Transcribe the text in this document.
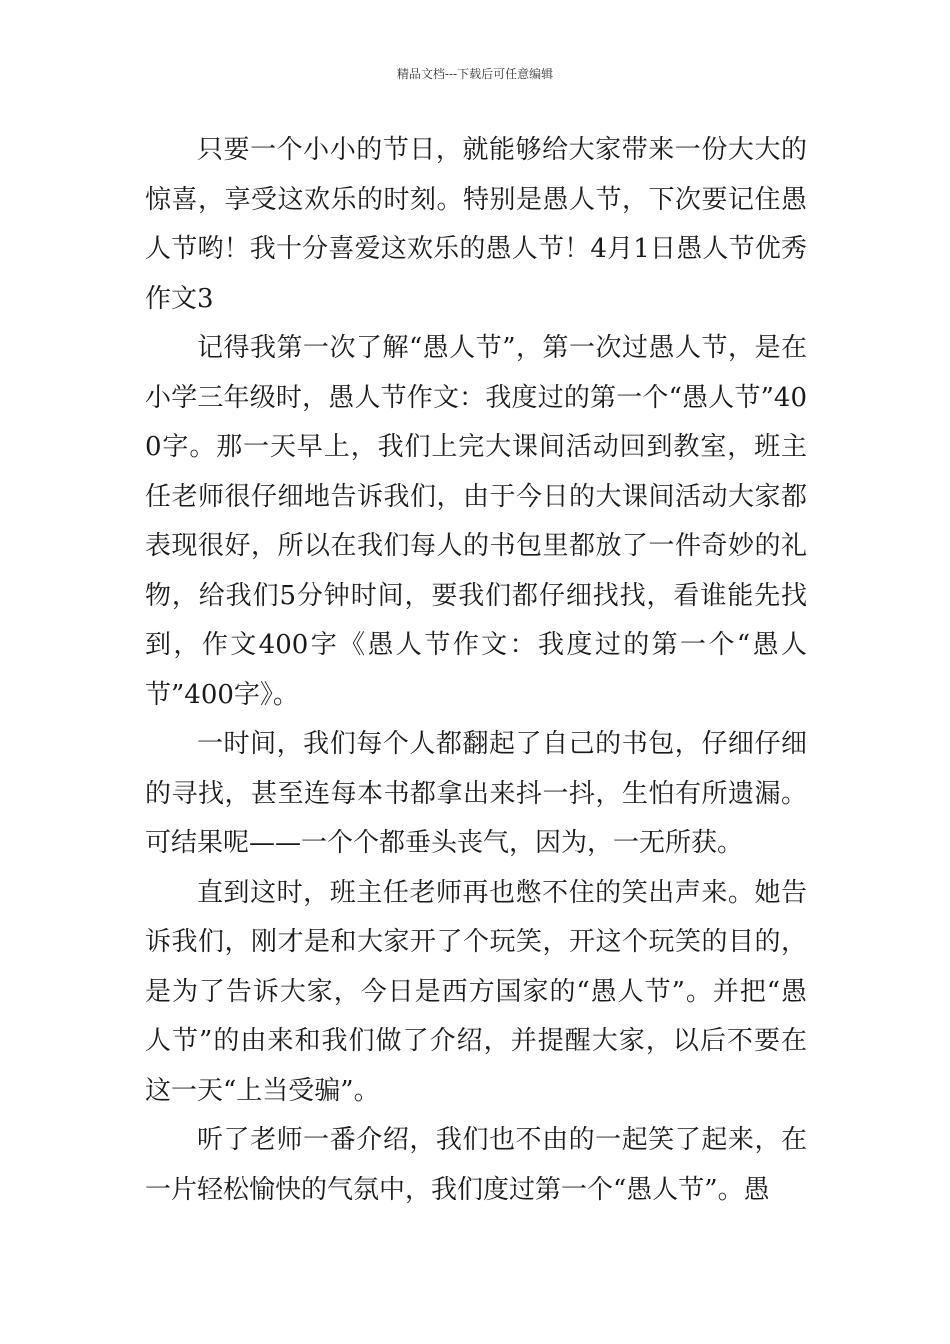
精品文档---下载后可任意编辑

只要一个小小的节日，就能够给大家带来一份大大的惊喜，享受这欢乐的时刻。特别是愚人节，下次要记住愚人节哟！我十分喜爱这欢乐的愚人节！4月1日愚人节优秀作文3

记得我第一次了解“愚人节”，第一次过愚人节，是在小学三年级时，愚人节作文：我度过的第一个“愚人节”400字。那一天早上，我们上完大课间活动回到教室，班主任老师很仔细地告诉我们，由于今日的大课间活动大家都表现很好，所以在我们每人的书包里都放了一件奇妙的礼物，给我们5分钟时间，要我们都仔细找找，看谁能先找到，作文400字《愚人节作文：我度过的第一个“愚人节”400字》。

一时间，我们每个人都翻起了自己的书包，仔细仔细的寻找，甚至连每本书都拿出来抖一抖，生怕有所遗漏。可结果呢——一个个都垂头丧气，因为，一无所获。

直到这时，班主任老师再也憋不住的笑出声来。她告诉我们，刚才是和大家开了个玩笑，开这个玩笑的目的，是为了告诉大家，今日是西方国家的“愚人节”。并把“愚人节”的由来和我们做了介绍，并提醒大家，以后不要在这一天“上当受骗”。

听了老师一番介绍，我们也不由的一起笑了起来，在一片轻松愉快的气氛中，我们度过第一个“愚人节”。愚
